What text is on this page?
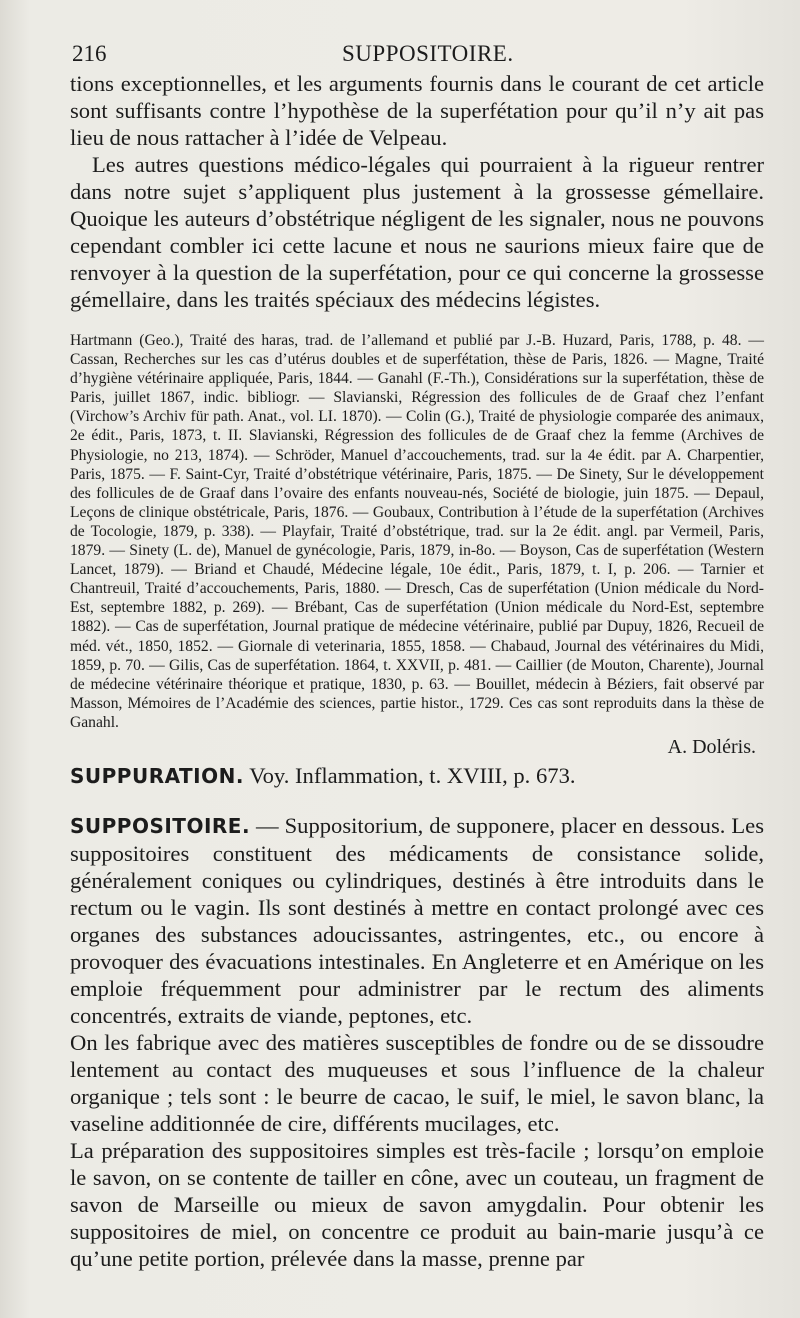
216	SUPPOSITOIRE.

tions exceptionnelles, et les arguments fournis dans le courant de cet article sont suffisants contre l’hypothèse de la superfétation pour qu’il n’y ait pas lieu de nous rattacher à l’idée de Velpeau.

Les autres questions médico-légales qui pourraient à la rigueur rentrer dans notre sujet s’appliquent plus justement à la grossesse gémellaire. Quoique les auteurs d’obstétrique négligent de les signaler, nous ne pouvons cependant combler ici cette lacune et nous ne saurions mieux faire que de renvoyer à la question de la superfétation, pour ce qui concerne la grossesse gémellaire, dans les traités spéciaux des médecins légistes.

Hartmann (Geo.), Traité des haras, trad. de l’allemand et publié par J.-B. Huzard, Paris, 1788, p. 48. — Cassan, Recherches sur les cas d’utérus doubles et de superfétation, thèse de Paris, 1826. — Magne, Traité d’hygiène vétérinaire appliquée, Paris, 1844. — Ganahl (F.-Th.), Considérations sur la superfétation, thèse de Paris, juillet 1867, indic. bibliogr. — Slavianski, Régression des follicules de de Graaf chez l’enfant (Virchow’s Archiv für path. Anat., vol. LI. 1870). — Colin (G.), Traité de physiologie comparée des animaux, 2e édit., Paris, 1873, t. II. Slavianski, Régression des follicules de de Graaf chez la femme (Archives de Physiologie, no 213, 1874). — Schröder, Manuel d’accouchements, trad. sur la 4e édit. par A. Charpentier, Paris, 1875. — F. Saint-Cyr, Traité d’obstétrique vétérinaire, Paris, 1875. — De Sinety, Sur le développement des follicules de de Graaf dans l’ovaire des enfants nouveau-nés, Société de biologie, juin 1875. — Depaul, Leçons de clinique obstétricale, Paris, 1876. — Goubaux, Contribution à l’étude de la superfétation (Archives de Tocologie, 1879, p. 338). — Playfair, Traité d’obstétrique, trad. sur la 2e édit. angl. par Vermeil, Paris, 1879. — Sinety (L. de), Manuel de gynécologie, Paris, 1879, in-8o. — Boyson, Cas de superfétation (Western Lancet, 1879). — Briand et Chaudé, Médecine légale, 10e édit., Paris, 1879, t. I, p. 206. — Tarnier et Chantreuil, Traité d’accouchements, Paris, 1880. — Dresch, Cas de superfétation (Union médicale du Nord-Est, septembre 1882, p. 269). — Brébant, Cas de superfétation (Union médicale du Nord-Est, septembre 1882). — Cas de superfétation, Journal pratique de médecine vétérinaire, publié par Dupuy, 1826, Recueil de méd. vét., 1850, 1852. — Giornale di veterinaria, 1855, 1858. — Chabaud, Journal des vétérinaires du Midi, 1859, p. 70. — Gilis, Cas de superfétation. 1864, t. XXVII, p. 481. — Caillier (de Mouton, Charente), Journal de médecine vétérinaire théorique et pratique, 1830, p. 63. — Bouillet, médecin à Béziers, fait observé par Masson, Mémoires de l’Académie des sciences, partie histor., 1729. Ces cas sont reproduits dans la thèse de Ganahl.

A. Doléris.

SUPPURATION. Voy. Inflammation, t. XVIII, p. 673.

SUPPOSITOIRE. — Suppositorium, de supponere, placer en dessous. Les suppositoires constituent des médicaments de consistance solide, généralement coniques ou cylindriques, destinés à être introduits dans le rectum ou le vagin. Ils sont destinés à mettre en contact prolongé avec ces organes des substances adoucissantes, astringentes, etc., ou encore à provoquer des évacuations intestinales. En Angleterre et en Amérique on les emploie fréquemment pour administrer par le rectum des aliments concentrés, extraits de viande, peptones, etc.

On les fabrique avec des matières susceptibles de fondre ou de se dissoudre lentement au contact des muqueuses et sous l’influence de la chaleur organique ; tels sont : le beurre de cacao, le suif, le miel, le savon blanc, la vaseline additionnée de cire, différents mucilages, etc.

La préparation des suppositoires simples est très-facile ; lorsqu’on emploie le savon, on se contente de tailler en cône, avec un couteau, un fragment de savon de Marseille ou mieux de savon amygdalin. Pour obtenir les suppositoires de miel, on concentre ce produit au bain-marie jusqu’à ce qu’une petite portion, prélevée dans la masse, prenne par
